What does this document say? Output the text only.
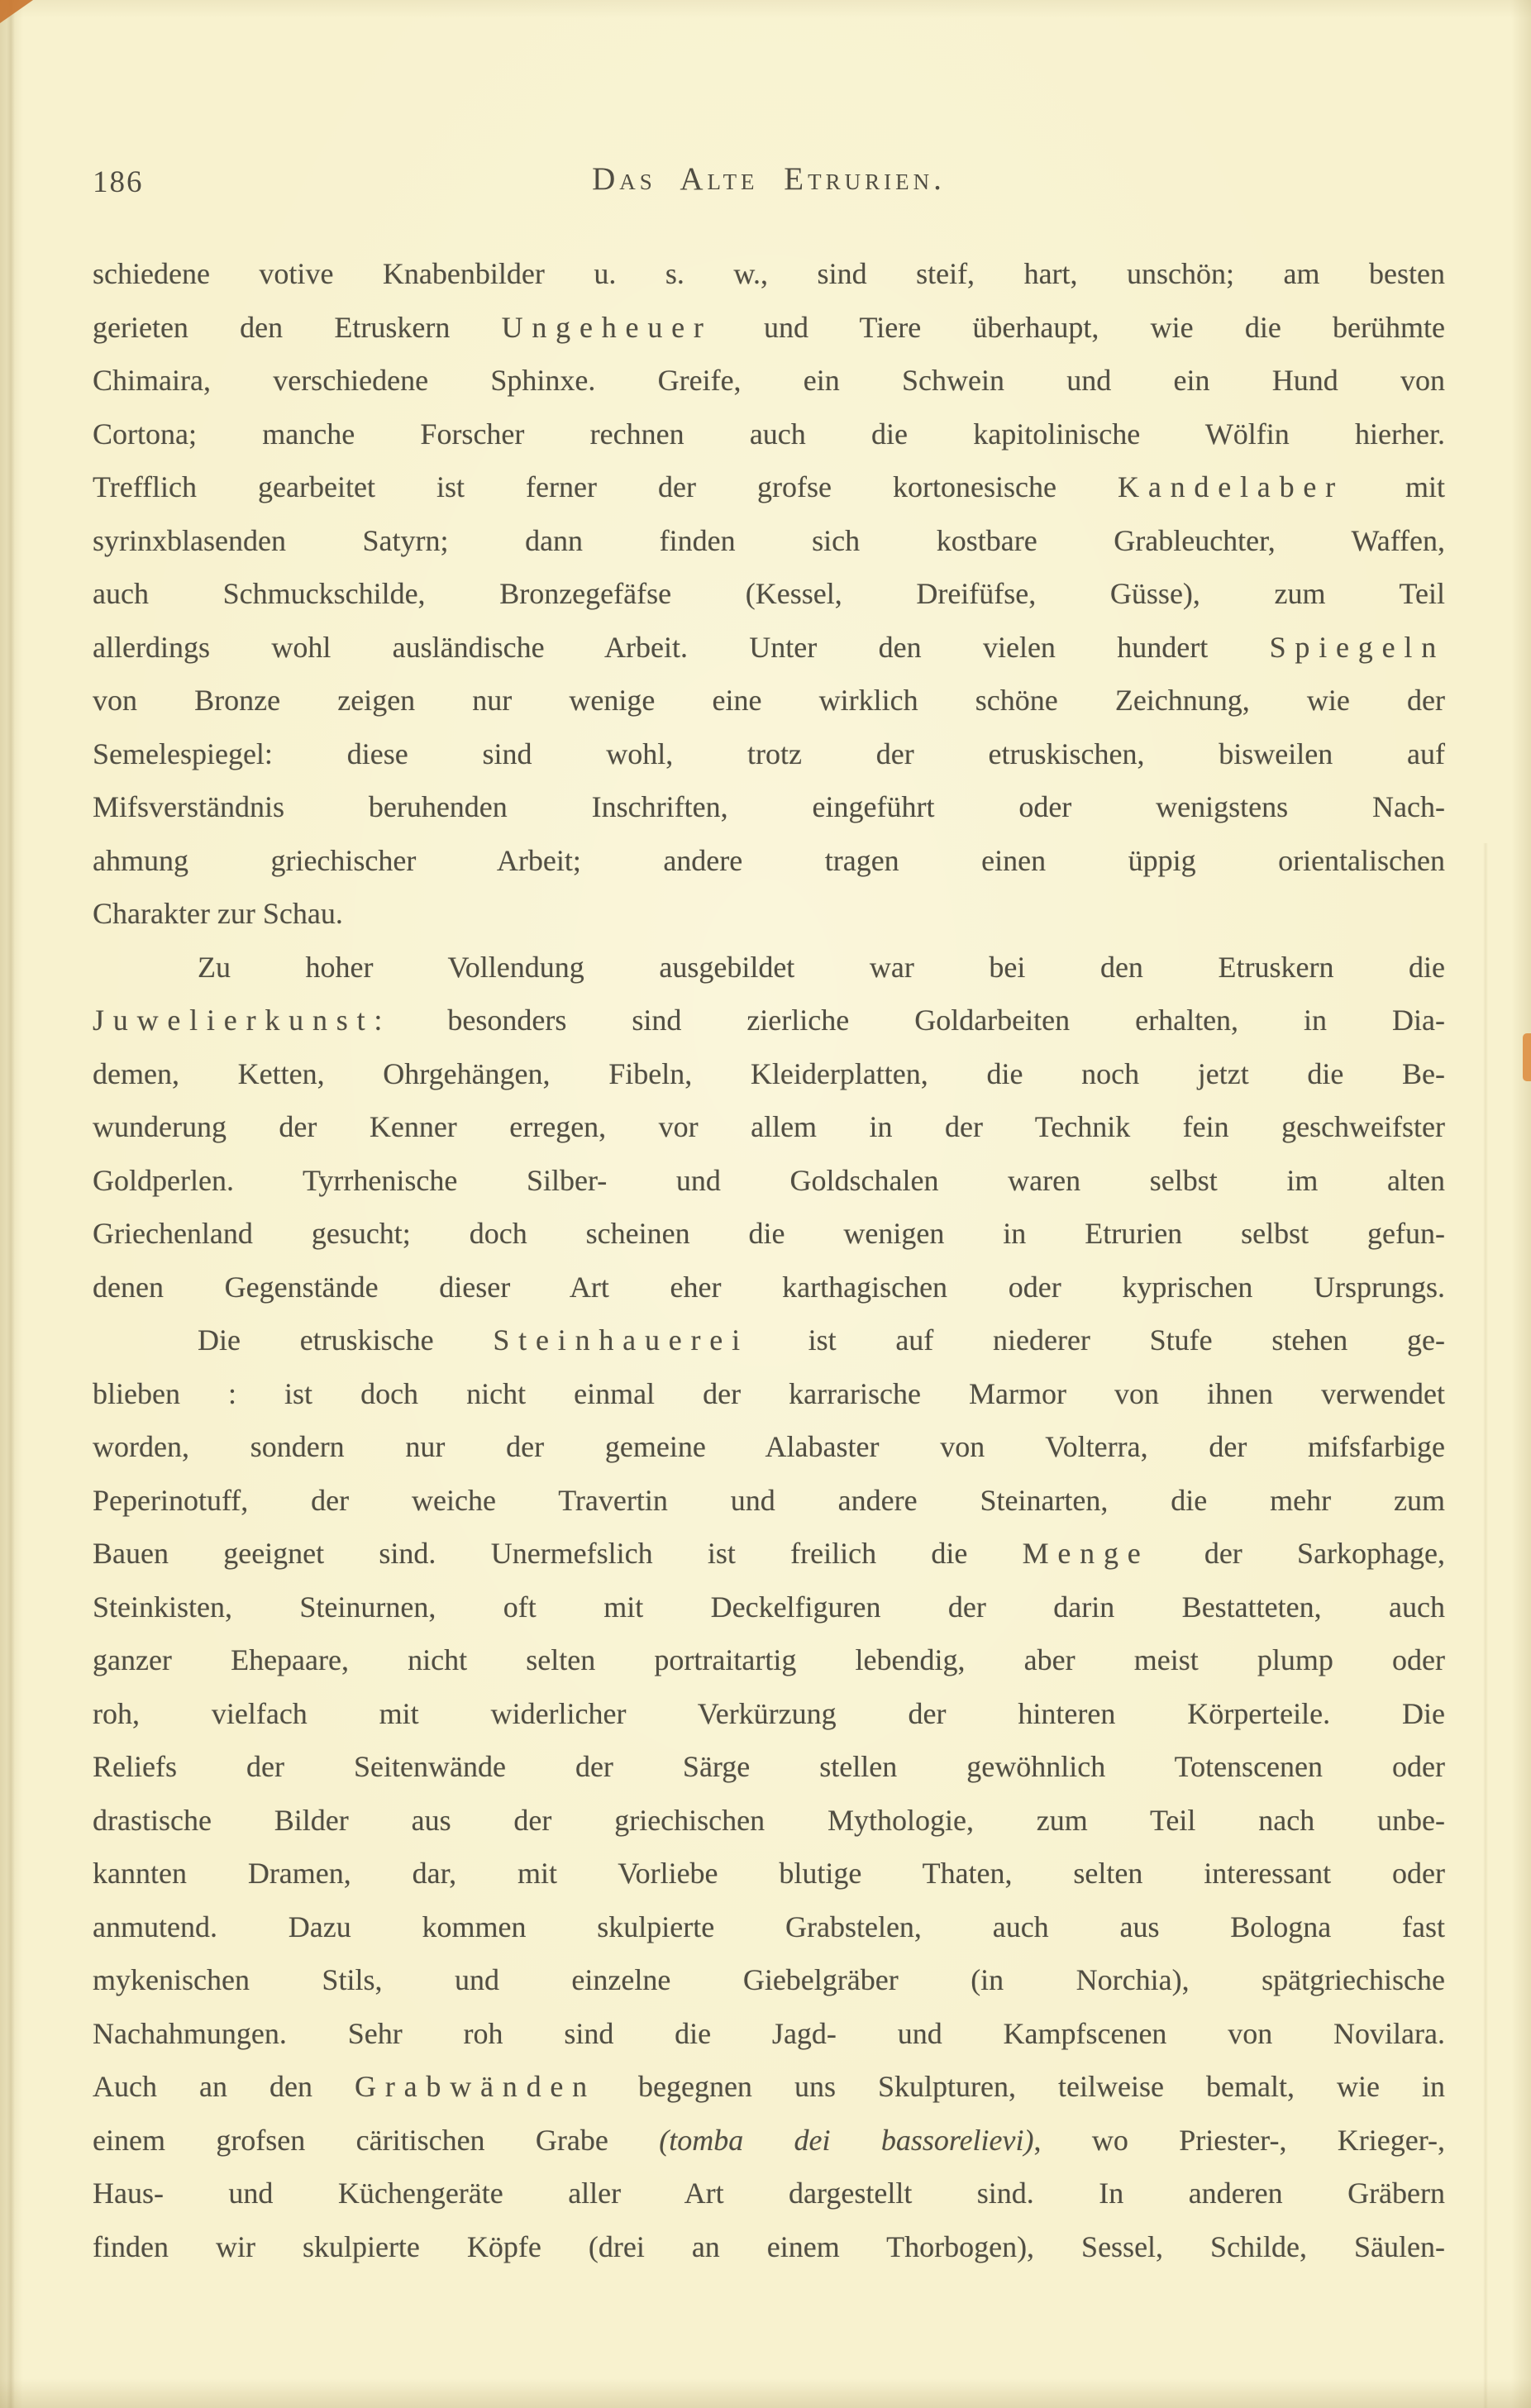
186	Das Alte Etrurien.
schiedene votive Knabenbilder u. s. w., sind steif, hart, unschön; am besten
gerieten den Etruskern Ungeheuer und Tiere überhaupt, wie die berühmte
Chimaira, verschiedene Sphinxe. Greife, ein Schwein und ein Hund von
Cortona; manche Forscher rechnen auch die kapitolinische Wölfin hierher.
Trefflich gearbeitet ist ferner der grofse kortonesische Kandelaber mit
syrinxblasenden Satyrn; dann finden sich kostbare Grableuchter, Waffen,
auch Schmuckschilde, Bronzegefäfse (Kessel, Dreifüfse, Güsse), zum Teil
allerdings wohl ausländische Arbeit. Unter den vielen hundert Spiegeln
von Bronze zeigen nur wenige eine wirklich schöne Zeichnung, wie der
Semelespiegel: diese sind wohl, trotz der etruskischen, bisweilen auf
Mifsverständnis beruhenden Inschriften, eingeführt oder wenigstens Nach-
ahmung griechischer Arbeit; andere tragen einen üppig orientalischen
Charakter zur Schau.
Zu hoher Vollendung ausgebildet war bei den Etruskern die
Juwelierkunst: besonders sind zierliche Goldarbeiten erhalten, in Dia-
demen, Ketten, Ohrgehängen, Fibeln, Kleiderplatten, die noch jetzt die Be-
wunderung der Kenner erregen, vor allem in der Technik fein geschweifster
Goldperlen. Tyrrhenische Silber- und Goldschalen waren selbst im alten
Griechenland gesucht; doch scheinen die wenigen in Etrurien selbst gefun-
denen Gegenstände dieser Art eher karthagischen oder kyprischen Ursprungs.
Die etruskische Steinhauerei ist auf niederer Stufe stehen ge-
blieben : ist doch nicht einmal der karrarische Marmor von ihnen verwendet
worden, sondern nur der gemeine Alabaster von Volterra, der mifsfarbige
Peperinotuff, der weiche Travertin und andere Steinarten, die mehr zum
Bauen geeignet sind. Unermefslich ist freilich die Menge der Sarkophage,
Steinkisten, Steinurnen, oft mit Deckelfiguren der darin Bestatteten, auch
ganzer Ehepaare, nicht selten portraitartig lebendig, aber meist plump oder
roh, vielfach mit widerlicher Verkürzung der hinteren Körperteile. Die
Reliefs der Seitenwände der Särge stellen gewöhnlich Totenscenen oder
drastische Bilder aus der griechischen Mythologie, zum Teil nach unbe-
kannten Dramen, dar, mit Vorliebe blutige Thaten, selten interessant oder
anmutend. Dazu kommen skulpierte Grabstelen, auch aus Bologna fast
mykenischen Stils, und einzelne Giebelgräber (in Norchia), spätgriechische
Nachahmungen. Sehr roh sind die Jagd- und Kampfscenen von Novilara.
Auch an den Grabwänden begegnen uns Skulpturen, teilweise bemalt, wie in
einem grofsen cäritischen Grabe (tomba dei bassorelievi), wo Priester-, Krieger-,
Haus- und Küchengeräte aller Art dargestellt sind. In anderen Gräbern
finden wir skulpierte Köpfe (drei an einem Thorbogen), Sessel, Schilde, Säulen-
